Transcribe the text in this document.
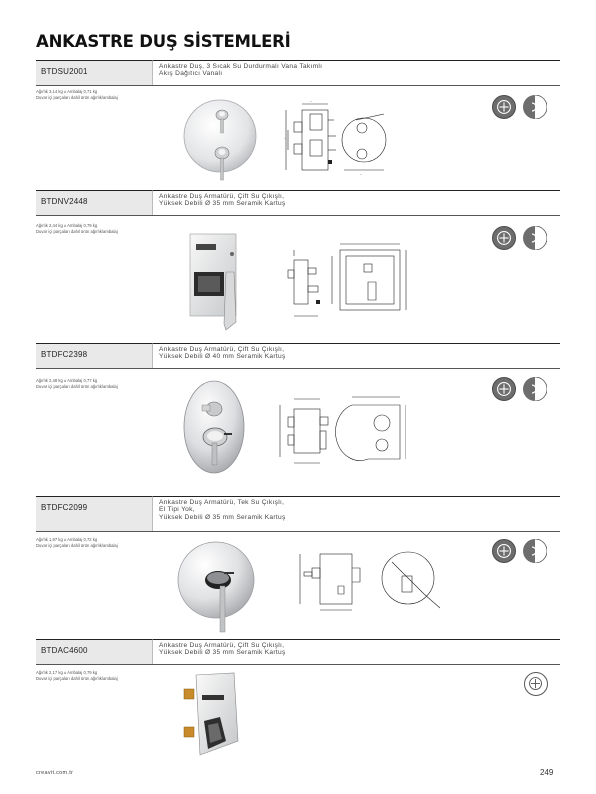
ANKASTRE DUŞ SİSTEMLERİ
BTDSU2001
Ankastre Duş, 3 Sıcak Su Durdurmalı Vana Takımlı
Akış Dağıtıcı Vanalı
Ağırlık 3,14 kg ± Ambalaj 0,71 kg
Duvar içi parçaları dahil ürün ağırlık/ambalaj
··
··
··
BTDNV2448
Ankastre Duş Armatürü, Çift Su Çıkışlı,
Yüksek Debili Ø 35 mm Seramik Kartuş
Ağırlık 2,44 kg ± Ambalaj 0,79 kg
Duvar içi parçaları dahil ürün ağırlık/ambalaj
BTDFC2398
Ankastre Duş Armatürü, Çift Su Çıkışlı,
Yüksek Debili Ø 40 mm Seramik Kartuş
Ağırlık 2,48 kg ± Ambalaj 0,77 kg
Duvar içi parçaları dahil ürün ağırlık/ambalaj
BTDFC2099
Ankastre Duş Armatürü, Tek Su Çıkışlı,
El Tipi Yok,
Yüksek Debili Ø 35 mm Seramik Kartuş
Ağırlık 1,97 kg ± Ambalaj 0,72 kg
Duvar içi parçaları dahil ürün ağırlık/ambalaj
BTDAC4600
Ankastre Duş Armatürü, Çift Su Çıkışlı,
Yüksek Debili Ø 35 mm Seramik Kartuş
Ağırlık 2,17 kg ± Ambalaj 0,79 kg
Duvar içi parçaları dahil ürün ağırlık/ambalaj
creavit.com.tr	249
